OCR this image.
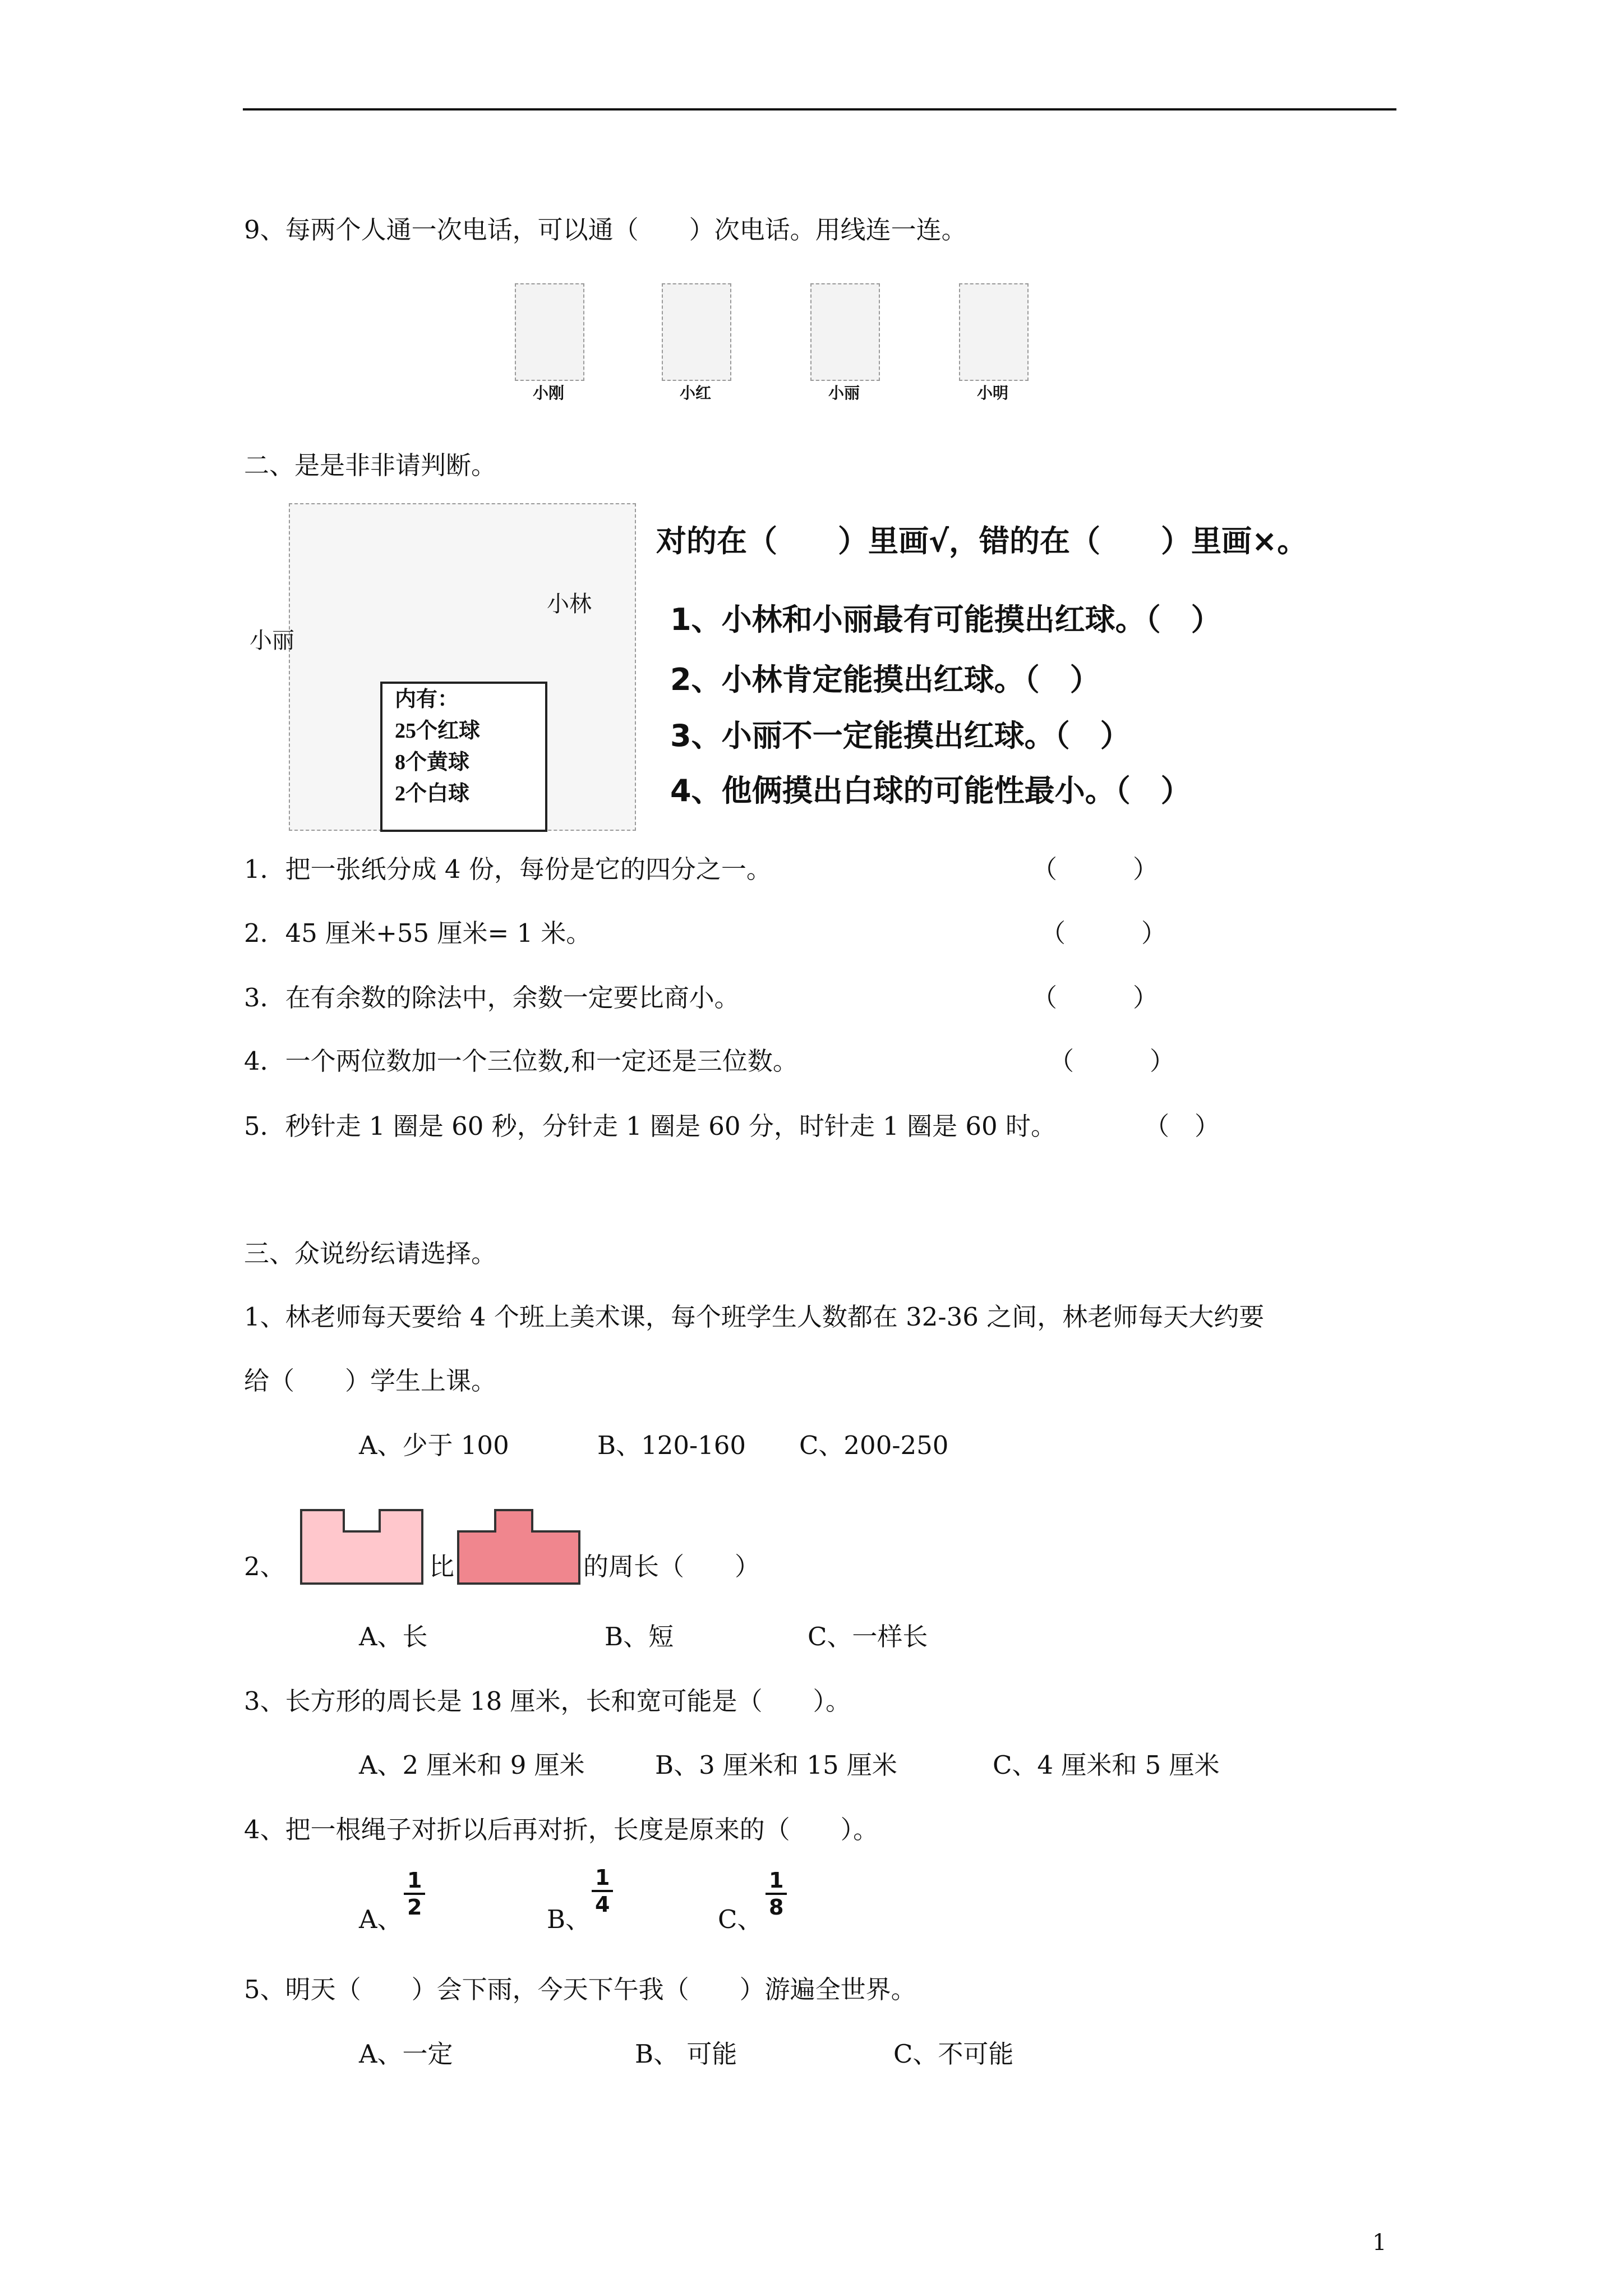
9、每两个人通一次电话，可以通（　　）次电话。用线连一连。
小刚	小红	小丽	小明
二、是是非非请判断。
小丽
小林
内有：
25个红球
8个黄球
2个白球
对的在（　　）里画√，错的在（　　）里画×。
1、小林和小丽最有可能摸出红球。（　）
2、小林肯定能摸出红球。（　）
3、小丽不一定能摸出红球。（　）
4、他俩摸出白球的可能性最小。（　）
1．把一张纸分成 4 份，每份是它的四分之一。	（　　　）
2．45 厘米+55 厘米= 1 米。	（　　　）
3．在有余数的除法中，余数一定要比商小。	（　　　）
4．一个两位数加一个三位数,和一定还是三位数。	（　　　）
5．秒针走 1 圈是 60 秒，分针走 1 圈是 60 分，时针走 1 圈是 60 时。	（　）
三、众说纷纭请选择。
1、林老师每天要给 4 个班上美术课，每个班学生人数都在 32-36 之间，林老师每天大约要
给（　　）学生上课。
A、少于 100	B、120-160 C、200-250
2、	比	的周长（　　）
A、长	B、短	C、一样长
3、长方形的周长是 18 厘米，长和宽可能是（　　）。
A、2 厘米和 9 厘米	B、3 厘米和 15 厘米	C、4 厘米和 5 厘米
4、把一根绳子对折以后再对折，长度是原来的（　　）。
A、 $\frac{1}{2}$	B、
$\frac{1}{4}$
C、 $\frac{1}{8}$
5、明天（　　）会下雨，今天下午我（　　）游遍全世界。
A、一定	B、 可能	C、不可能
1
